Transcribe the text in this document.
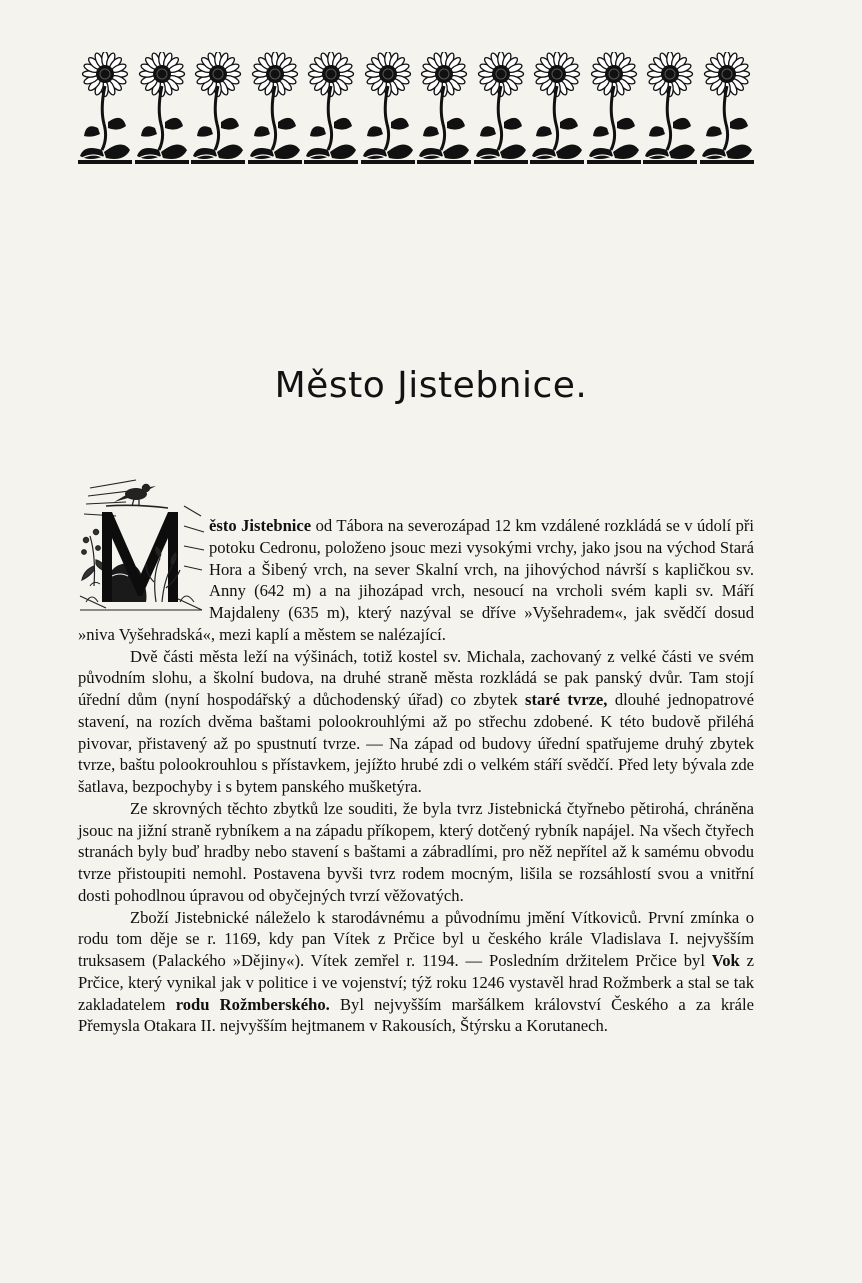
Město Jistebnice.

ěsto Jistebnice od Tábora na severozápad 12 km vzdálené rozkládá se v údolí při potoku Cedronu, položeno jsouc mezi vysokými vrchy, jako jsou na východ Stará Hora a Šibený vrch, na sever Skalní vrch, na jihovýchod návrší s kapličkou sv. Anny (642 m) a na jihozápad vrch, nesoucí na vrcholi svém kapli sv. Máří Majdaleny (635 m), který nazýval se dříve »Vyšehradem«, jak svědčí dosud »niva Vyšehradská«, mezi kaplí a městem se nalézající.

Dvě části města leží na výšinách, totiž kostel sv. Michala, zachovaný z velké části ve svém původním slohu, a školní budova, na druhé straně města rozkládá se pak panský dvůr. Tam stojí úřední dům (nyní hospodářský a důchodenský úřad) co zbytek staré tvrze, dlouhé jednopatrové stavení, na rozích dvěma baštami polookrouhlými až po střechu zdobené. K této budově přiléhá pivovar, přistavený až po spustnutí tvrze. — Na západ od budovy úřední spatřujeme druhý zbytek tvrze, baštu polookrouhlou s přístavkem, jejížto hrubé zdi o velkém stáří svědčí. Před lety bývala zde šatlava, bezpochyby i s bytem panského mušketýra.

Ze skrovných těchto zbytků lze souditi, že byla tvrz Jistebnická čtyřnebo pětirohá, chráněna jsouc na jižní straně rybníkem a na západu příkopem, který dotčený rybník napájel. Na všech čtyřech stranách byly buď hradby nebo stavení s baštami a zábradlími, pro něž nepřítel až k samému obvodu tvrze přistoupiti nemohl. Postavena byvši tvrz rodem mocným, lišila se rozsáhlostí svou a vnitřní dosti pohodlnou úpravou od obyčejných tvrzí věžovatých.

Zboží Jistebnické náleželo k starodávnému a původnímu jmění Vítkoviců. První zmínka o rodu tom děje se r. 1169, kdy pan Vítek z Prčice byl u českého krále Vladislava I. nejvyšším truksasem (Palackého »Dějiny«). Vítek zemřel r. 1194. — Posledním držitelem Prčice byl Vok z Prčice, který vynikal jak v politice i ve vojenství; týž roku 1246 vystavěl hrad Rožmberk a stal se tak zakladatelem rodu Rožmberského. Byl nejvyšším maršálkem království Českého a za krále Přemysla Otakara II. nejvyšším hejtmanem v Rakousích, Štýrsku a Korutanech.
